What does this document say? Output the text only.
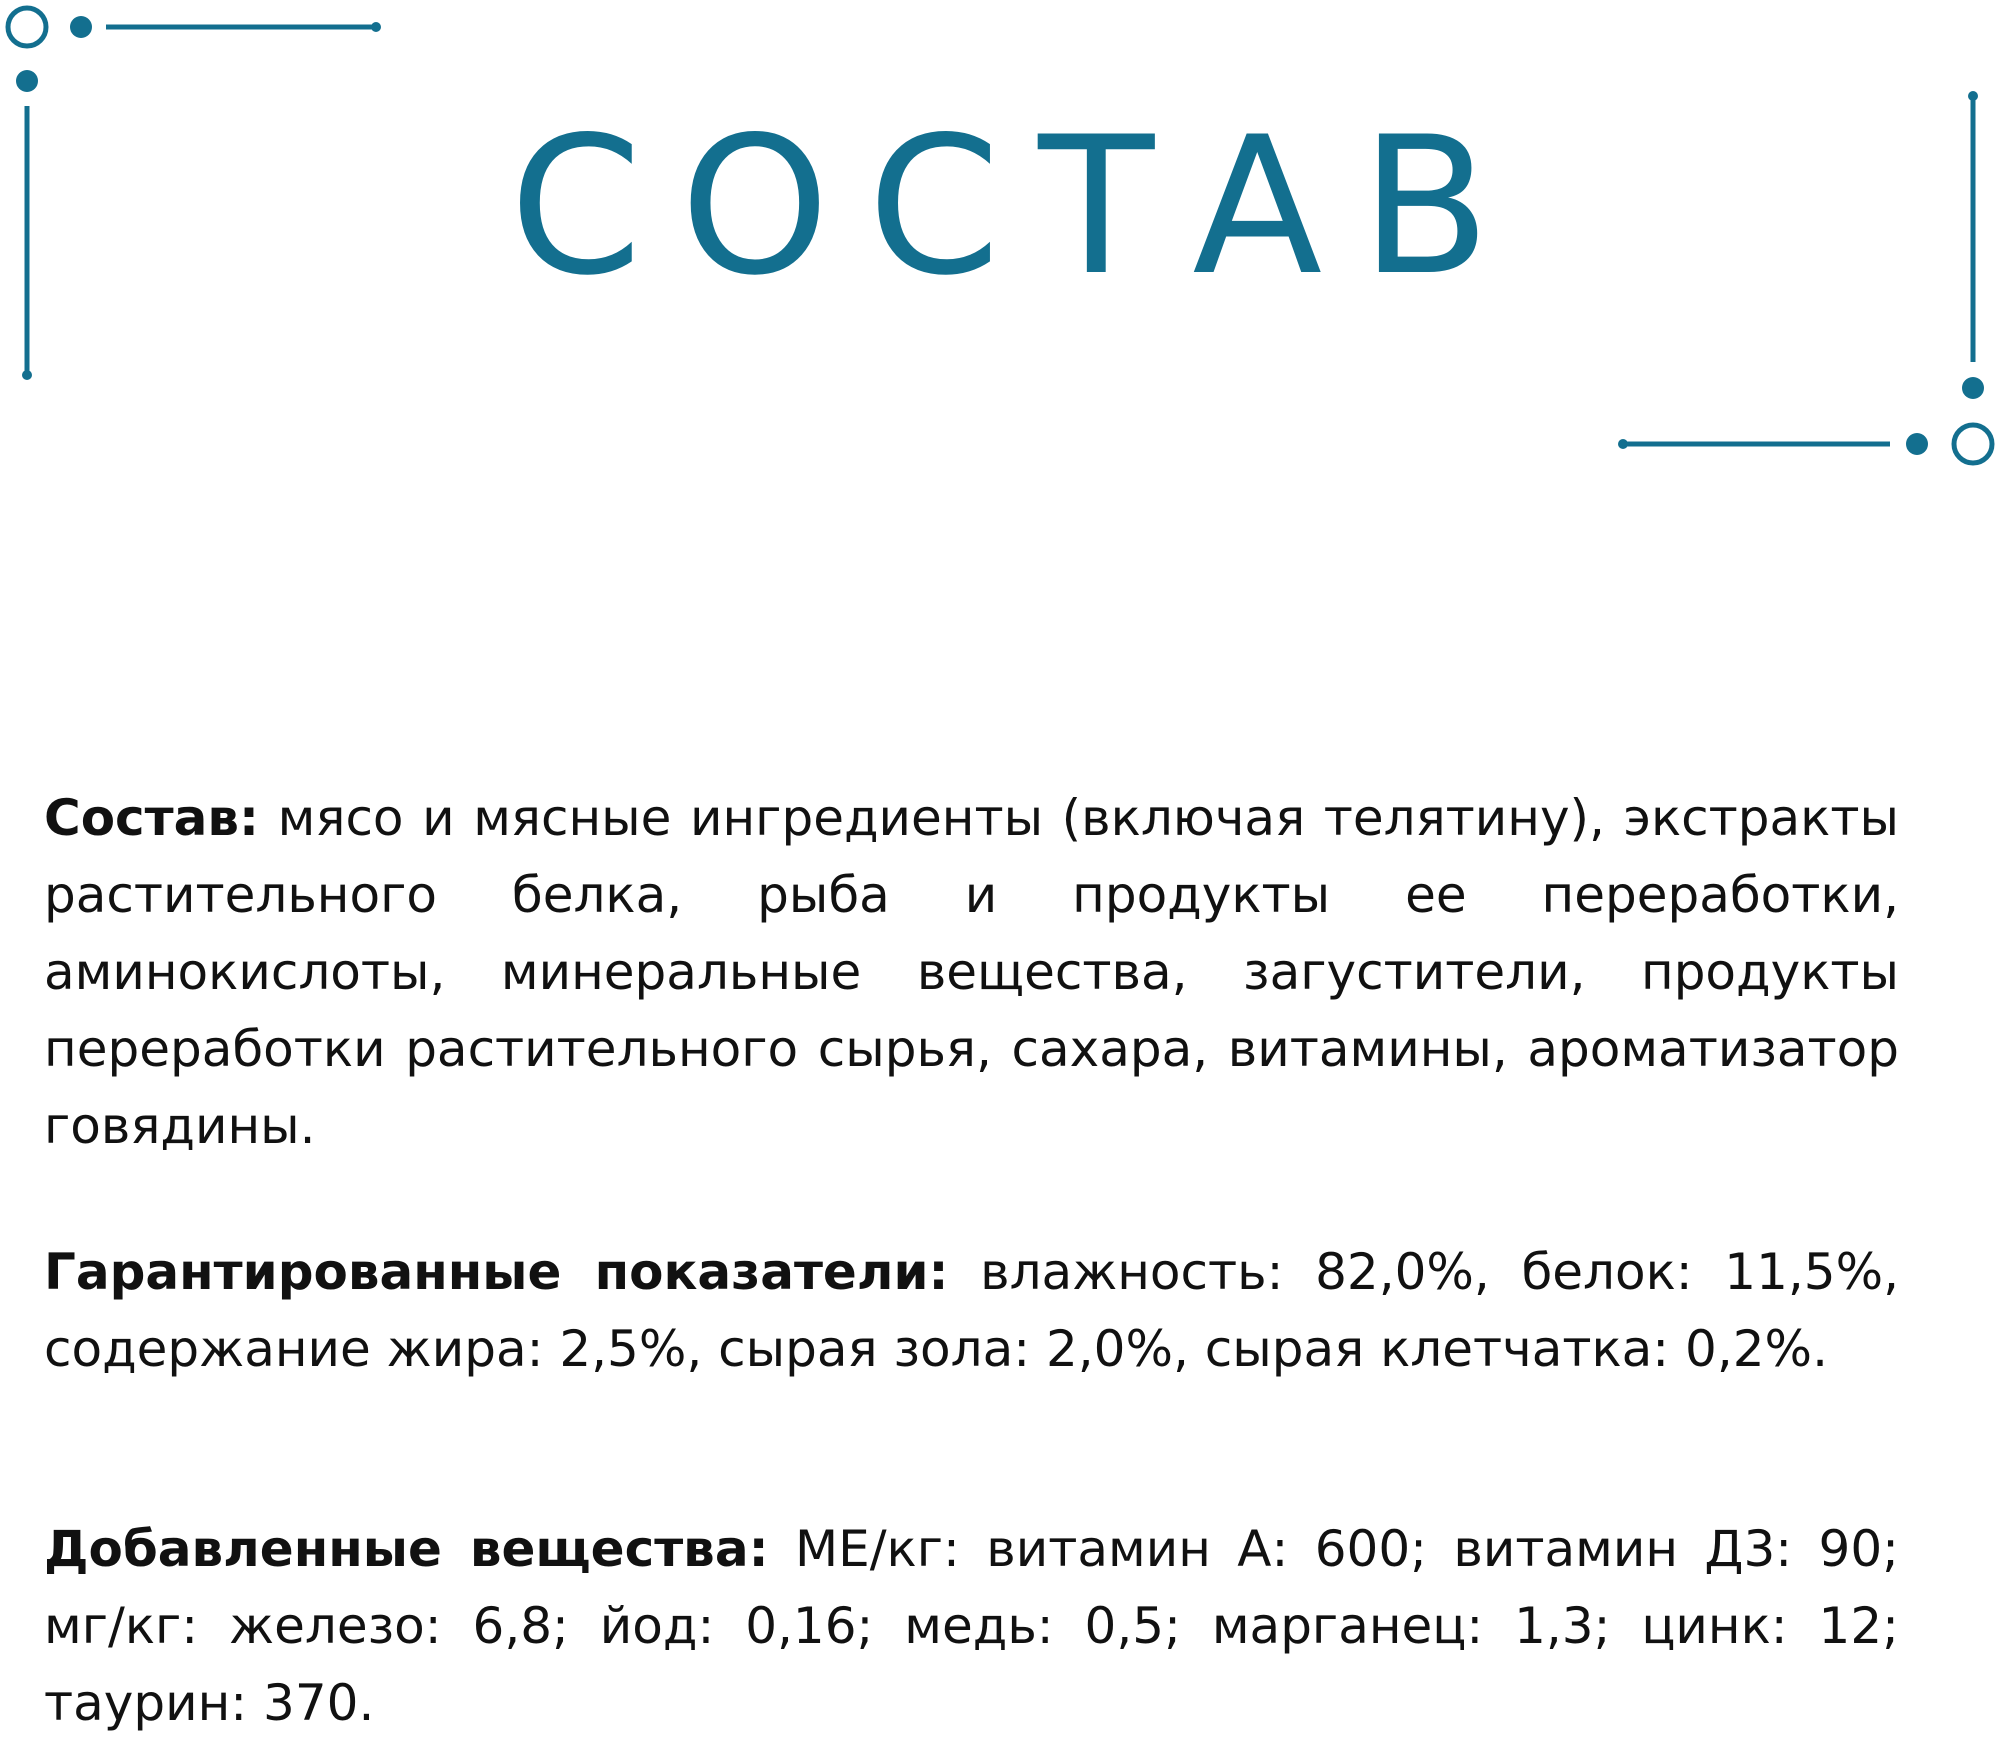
СОСТАВ

Состав: мясо и мясные ингредиенты (включая телятину), экстракты растительного белка, рыба и продукты ее переработки, аминокислоты, минеральные вещества, загустители, продукты переработки растительного сырья, сахара, витамины, ароматизатор говядины.

Гарантированные показатели: влажность: 82,0%, белок: 11,5%, содержание жира: 2,5%, сырая зола: 2,0%, сырая клетчатка: 0,2%.

Добавленные вещества: МЕ/кг: витамин А: 600; витамин Д3: 90; мг/кг: железо: 6,8; йод: 0,16; медь: 0,5; марганец: 1,3; цинк: 12; таурин: 370.
